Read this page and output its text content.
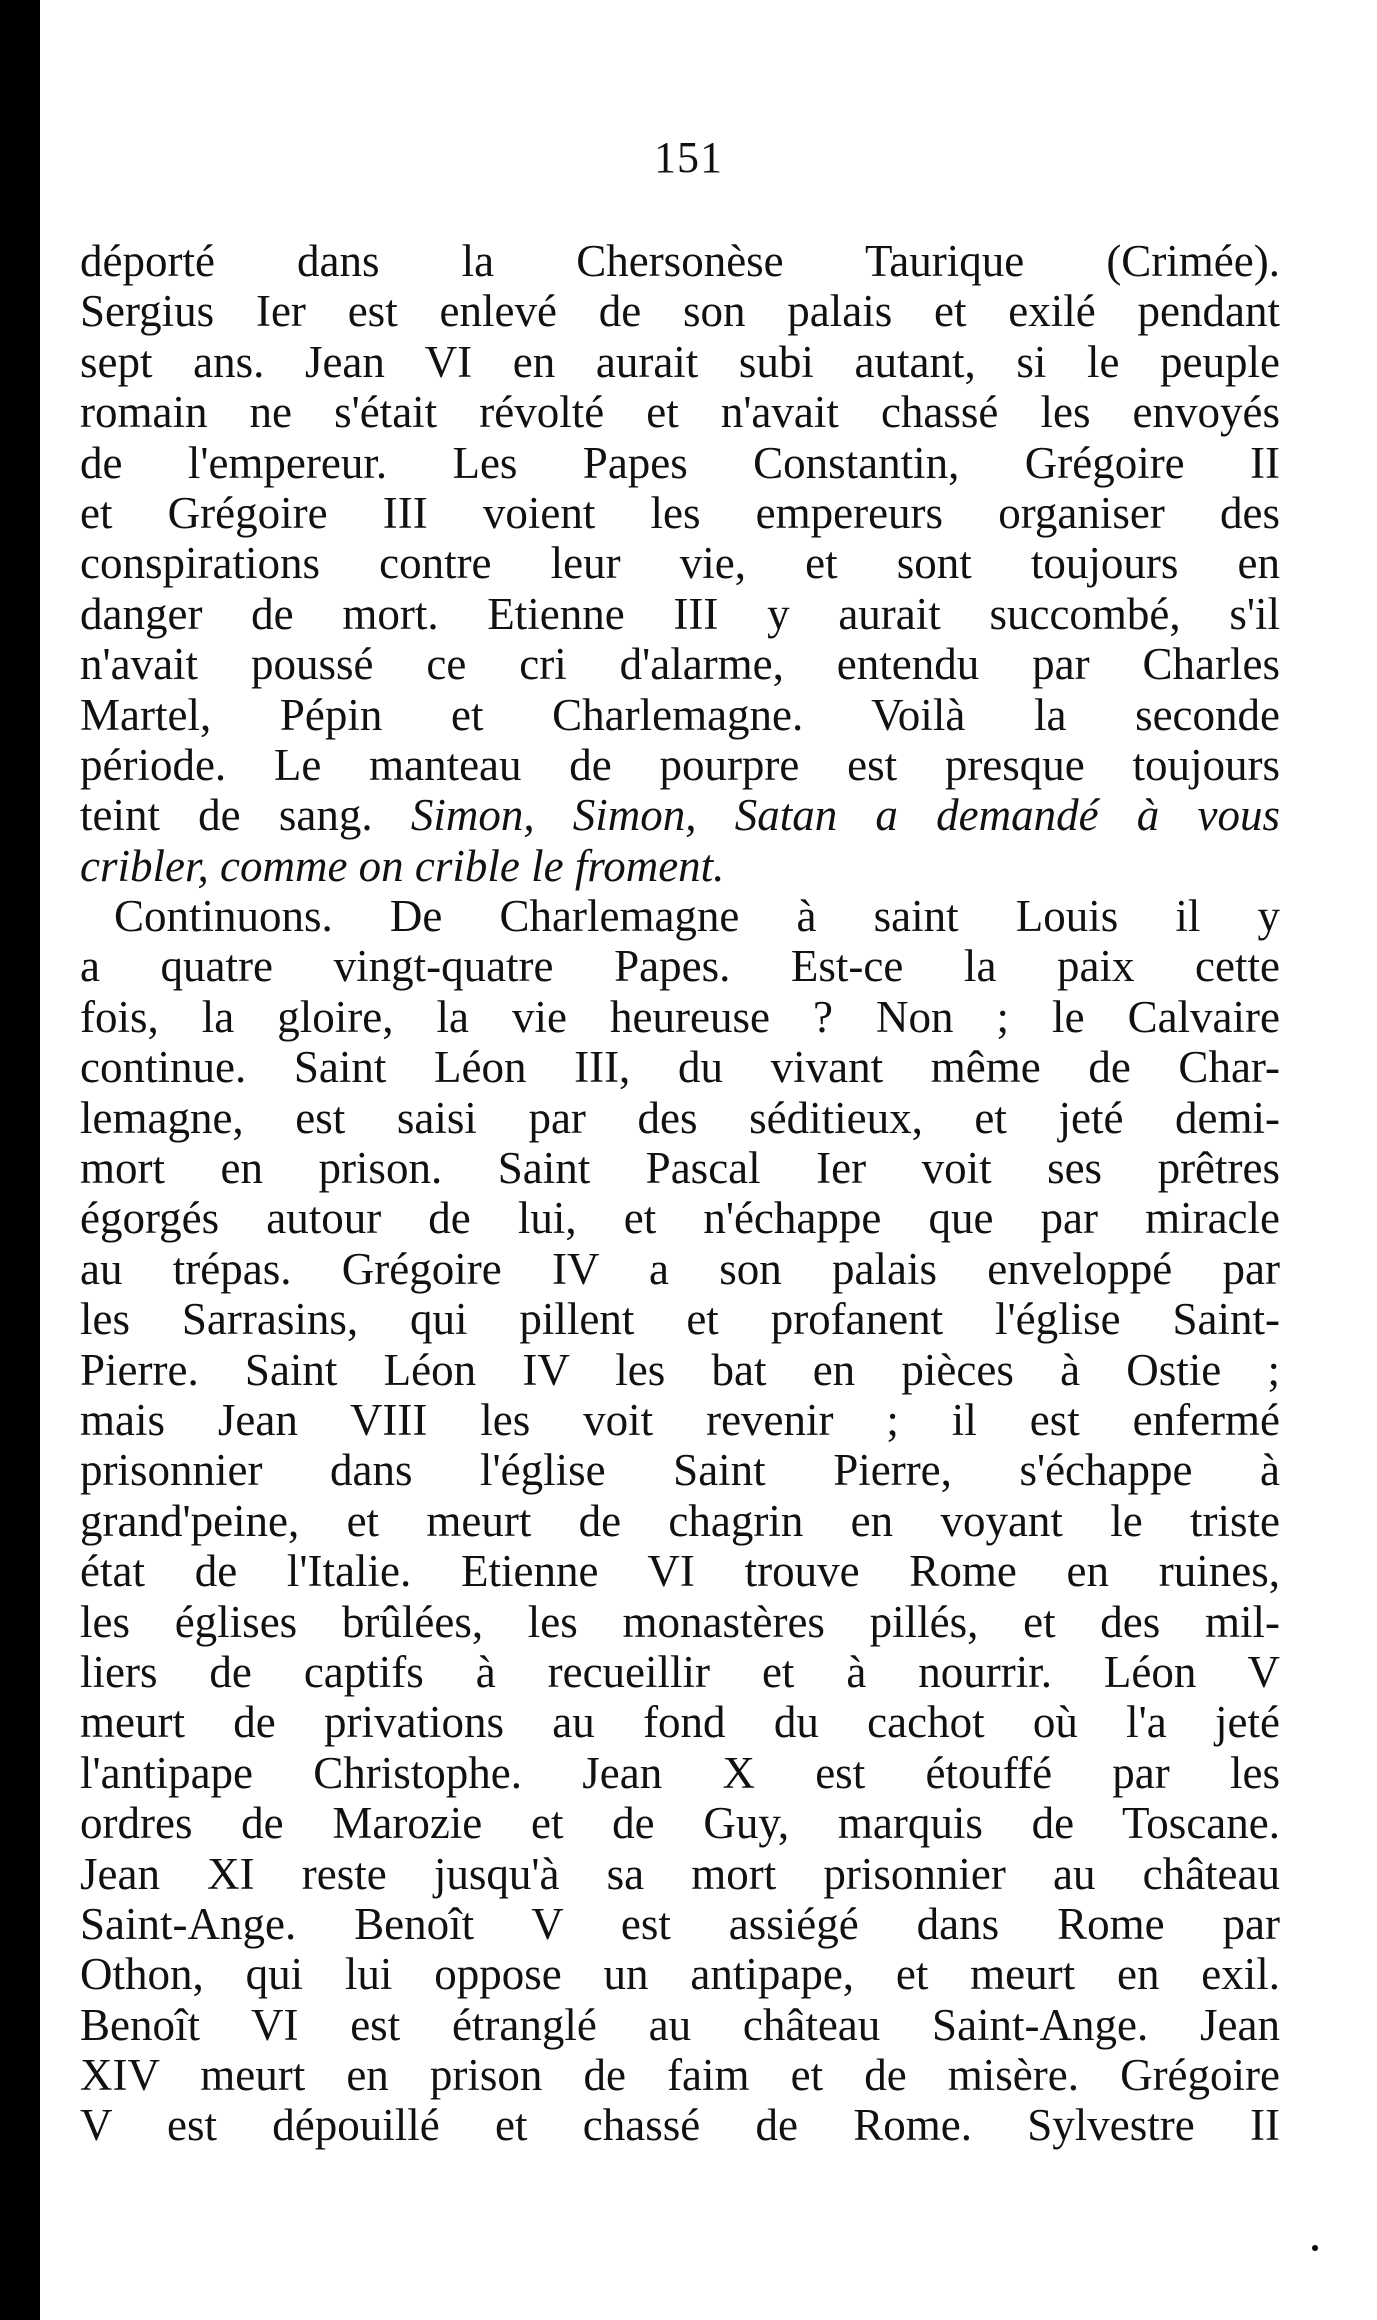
151
déporté dans la Chersonèse Taurique (Crimée).
Sergius Ier est enlevé de son palais et exilé pendant
sept ans. Jean VI en aurait subi autant, si le peuple
romain ne s'était révolté et n'avait chassé les envoyés
de l'empereur. Les Papes Constantin, Grégoire II
et Grégoire III voient les empereurs organiser des
conspirations contre leur vie, et sont toujours en
danger de mort. Etienne III y aurait succombé, s'il
n'avait poussé ce cri d'alarme, entendu par Charles
Martel, Pépin et Charlemagne. Voilà la seconde
période. Le manteau de pourpre est presque toujours
teint de sang. Simon, Simon, Satan a demandé à vous
cribler, comme on crible le froment.
Continuons. De Charlemagne à saint Louis il y
a quatre vingt-quatre Papes. Est-ce la paix cette
fois, la gloire, la vie heureuse ? Non ; le Calvaire
continue. Saint Léon III, du vivant même de Char-
lemagne, est saisi par des séditieux, et jeté demi-
mort en prison. Saint Pascal Ier voit ses prêtres
égorgés autour de lui, et n'échappe que par miracle
au trépas. Grégoire IV a son palais enveloppé par
les Sarrasins, qui pillent et profanent l'église Saint-
Pierre. Saint Léon IV les bat en pièces à Ostie ;
mais Jean VIII les voit revenir ; il est enfermé
prisonnier dans l'église Saint Pierre, s'échappe à
grand'peine, et meurt de chagrin en voyant le triste
état de l'Italie. Etienne VI trouve Rome en ruines,
les églises brûlées, les monastères pillés, et des mil-
liers de captifs à recueillir et à nourrir. Léon V
meurt de privations au fond du cachot où l'a jeté
l'antipape Christophe. Jean X est étouffé par les
ordres de Marozie et de Guy, marquis de Toscane.
Jean XI reste jusqu'à sa mort prisonnier au château
Saint-Ange. Benoît V est assiégé dans Rome par
Othon, qui lui oppose un antipape, et meurt en exil.
Benoît VI est étranglé au château Saint-Ange. Jean
XIV meurt en prison de faim et de misère. Grégoire
V est dépouillé et chassé de Rome. Sylvestre II
